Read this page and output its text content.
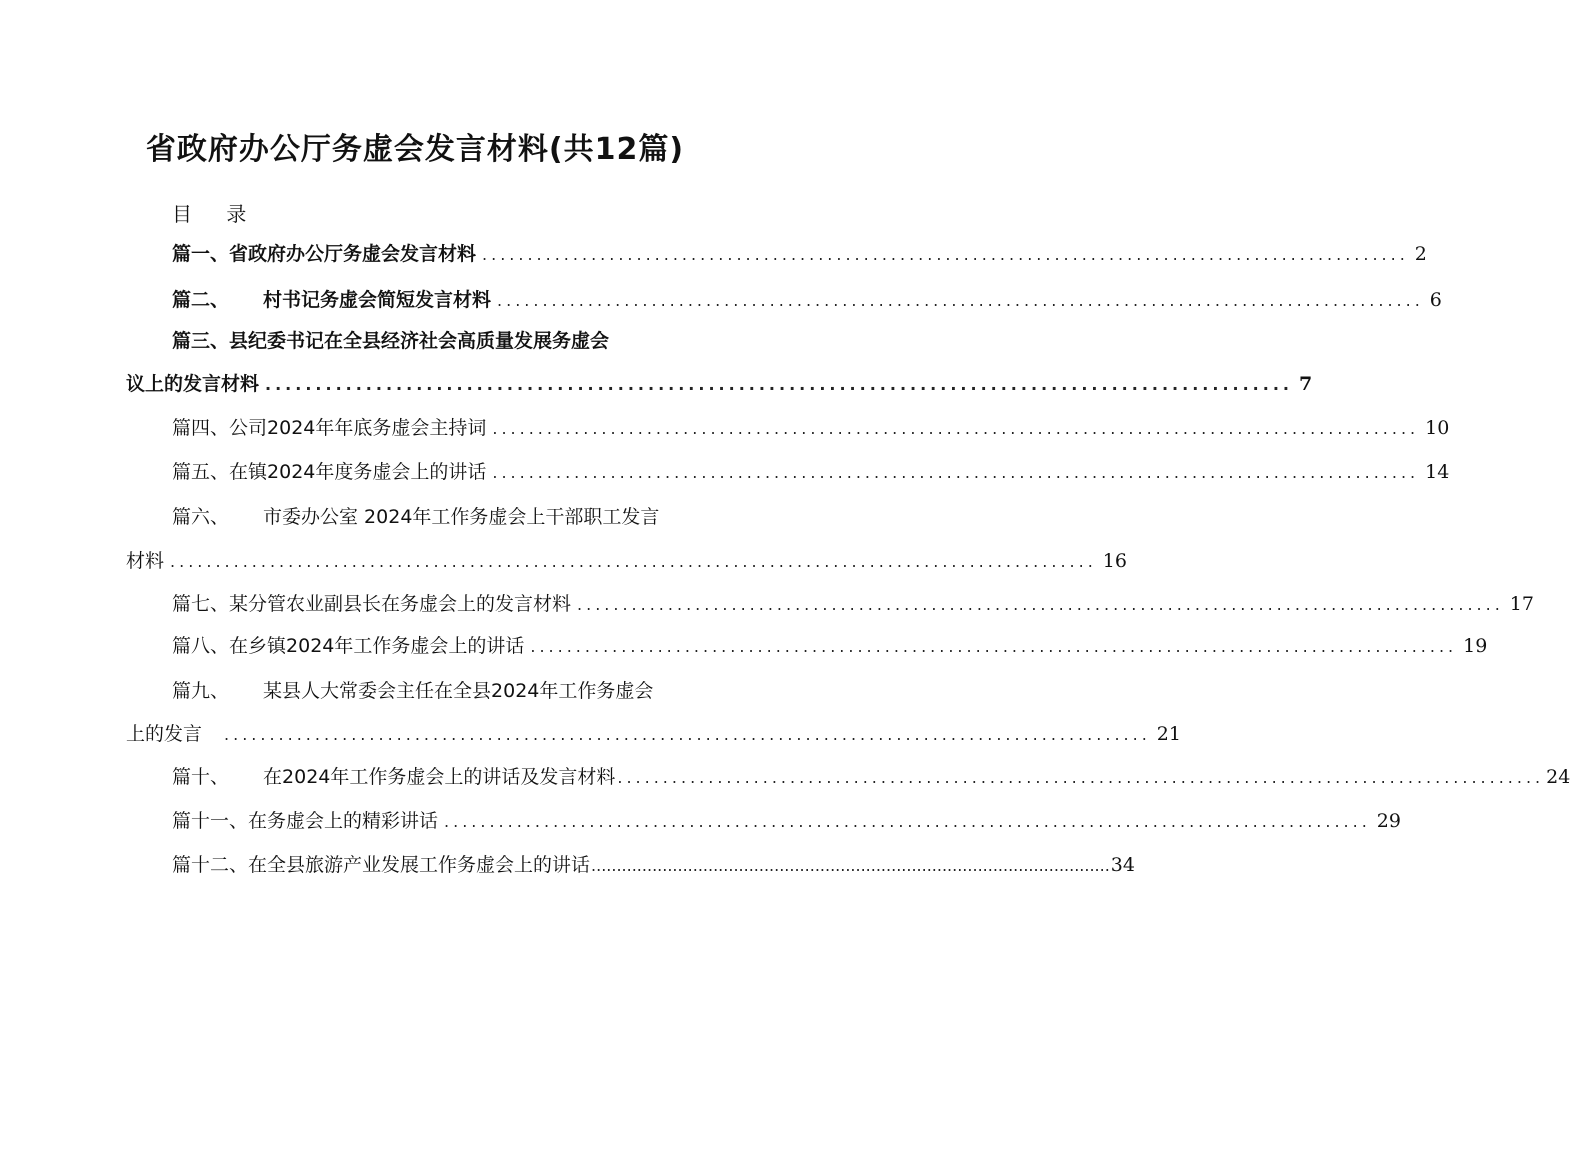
省政府办公厅务虚会发言材料(共12篇)
目 录
篇一、省政府办公厅务虚会发言材料 ...................................................................................................... 2
篇二、 村书记务虚会简短发言材料 ...................................................................................................... 6
篇三、县纪委书记在全县经济社会高质量发展务虚会
议上的发言材料 ...................................................................................................... 7
篇四、公司2024年年底务虚会主持词 ...................................................................................................... 10
篇五、在镇2024年度务虚会上的讲话 ...................................................................................................... 14
篇六、 市委办公室 2024年工作务虚会上干部职工发言
材料 ...................................................................................................... 16
篇七、某分管农业副县长在务虚会上的发言材料 ...................................................................................................... 17
篇八、在乡镇2024年工作务虚会上的讲话 ...................................................................................................... 19
篇九、 某县人大常委会主任在全县2024年工作务虚会
上的发言	...................................................................................................... 21
篇十、 在2024年工作务虚会上的讲话及发言材料 ...................................................................................................... 24
篇十一、在务虚会上的精彩讲话 ...................................................................................................... 29
篇十二、在全县旅游产业发展工作务虚会上的讲话 ...................................................................................................... 34
